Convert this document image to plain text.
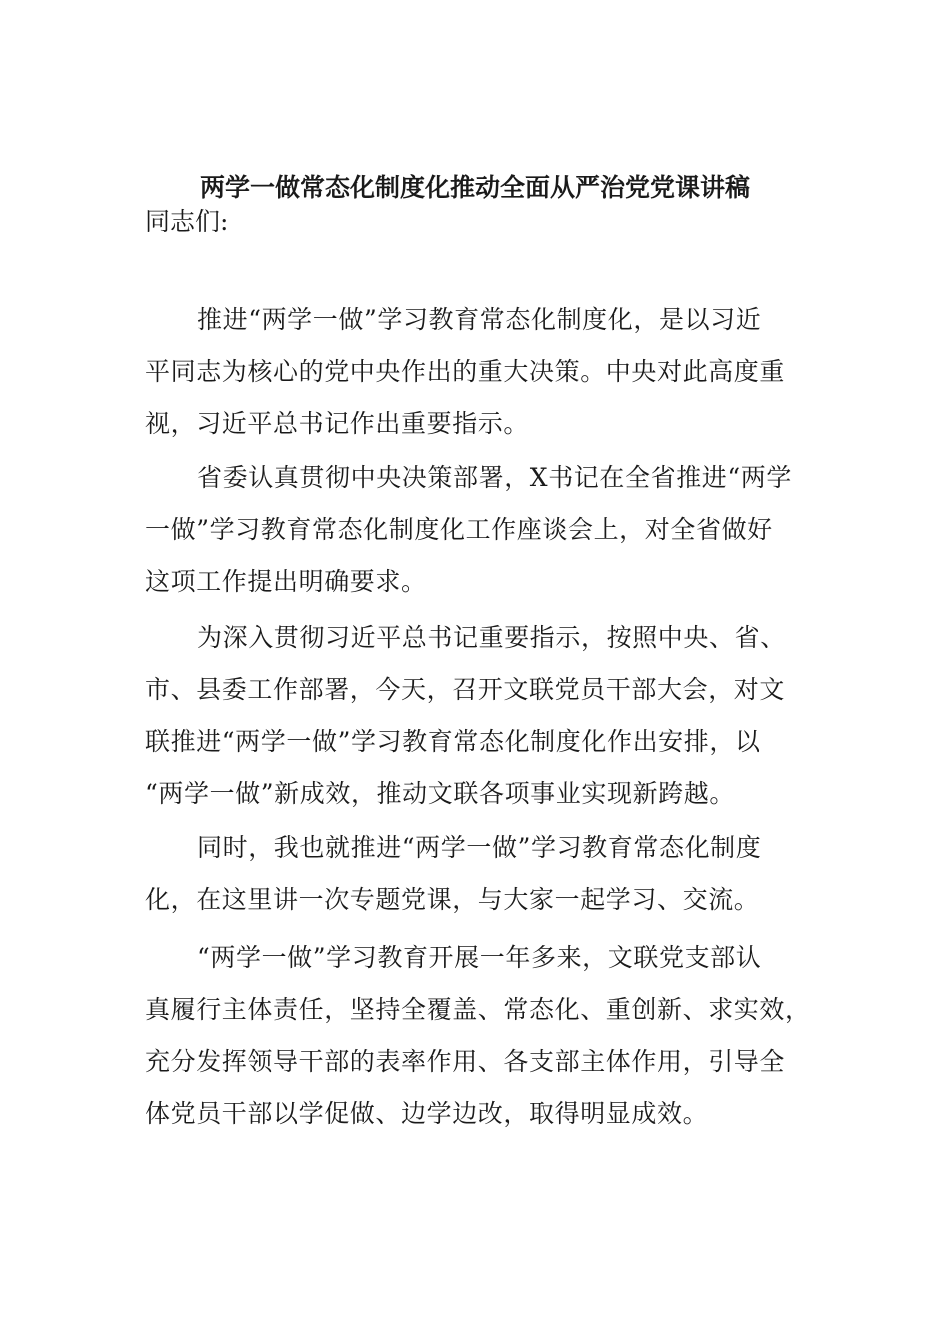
两学一做常态化制度化推动全面从严治党党课讲稿

同志们:

推进“两学一做”学习教育常态化制度化，是以习近
平同志为核心的党中央作出的重大决策。中央对此高度重
视，习近平总书记作出重要指示。
省委认真贯彻中央决策部署，X书记在全省推进“两学
一做”学习教育常态化制度化工作座谈会上，对全省做好
这项工作提出明确要求。
为深入贯彻习近平总书记重要指示，按照中央、省、
市、县委工作部署，今天，召开文联党员干部大会，对文
联推进“两学一做”学习教育常态化制度化作出安排，以
“两学一做”新成效，推动文联各项事业实现新跨越。
同时，我也就推进“两学一做”学习教育常态化制度
化，在这里讲一次专题党课，与大家一起学习、交流。
“两学一做”学习教育开展一年多来，文联党支部认
真履行主体责任，坚持全覆盖、常态化、重创新、求实效，
充分发挥领导干部的表率作用、各支部主体作用，引导全
体党员干部以学促做、边学边改，取得明显成效。
